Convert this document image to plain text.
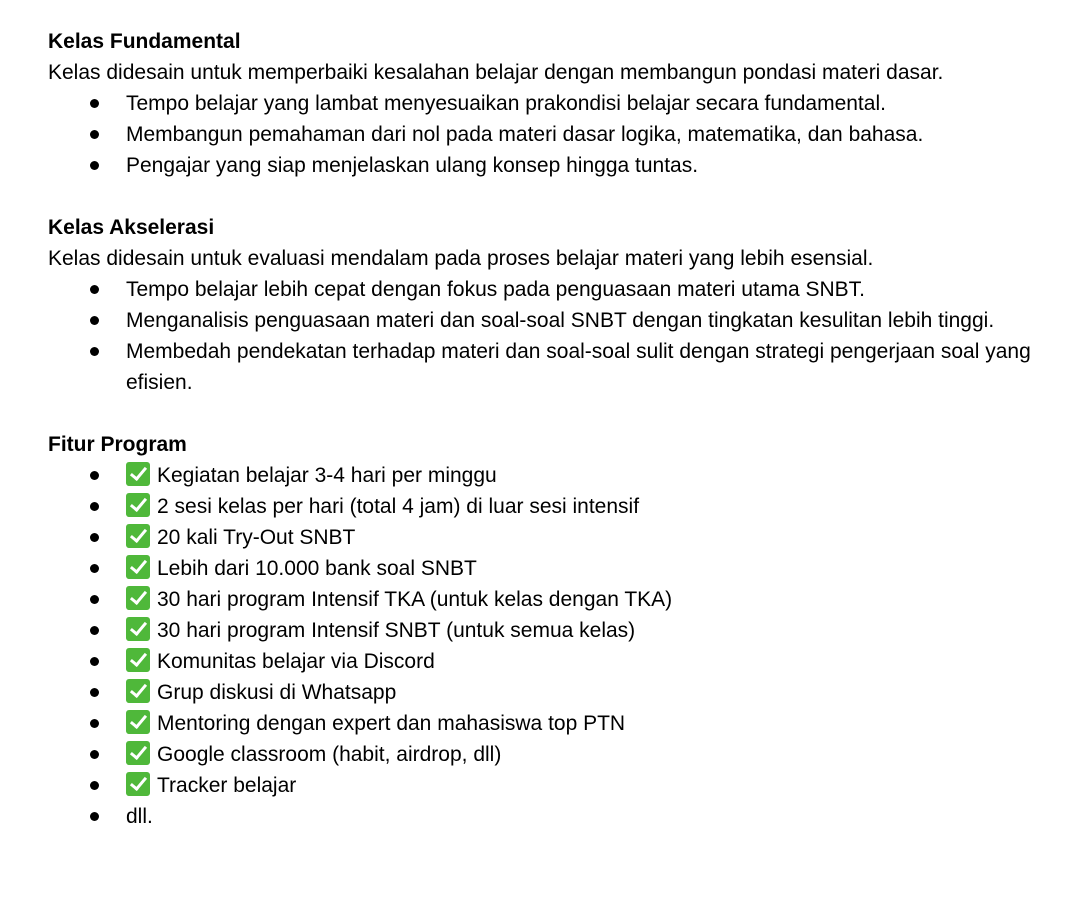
Kelas Fundamental

Kelas didesain untuk memperbaiki kesalahan belajar dengan membangun pondasi materi dasar.

Tempo belajar yang lambat menyesuaikan prakondisi belajar secara fundamental.
Membangun pemahaman dari nol pada materi dasar logika, matematika, dan bahasa.
Pengajar yang siap menjelaskan ulang konsep hingga tuntas.

Kelas Akselerasi

Kelas didesain untuk evaluasi mendalam pada proses belajar materi yang lebih esensial.

Tempo belajar lebih cepat dengan fokus pada penguasaan materi utama SNBT.
Menganalisis penguasaan materi dan soal-soal SNBT dengan tingkatan kesulitan lebih tinggi.
Membedah pendekatan terhadap materi dan soal-soal sulit dengan strategi pengerjaan soal yang efisien.

Fitur Program

Kegiatan belajar 3-4 hari per minggu
2 sesi kelas per hari (total 4 jam) di luar sesi intensif
20 kali Try-Out SNBT
Lebih dari 10.000 bank soal SNBT
30 hari program Intensif TKA (untuk kelas dengan TKA)
30 hari program Intensif SNBT (untuk semua kelas)
Komunitas belajar via Discord
Grup diskusi di Whatsapp
Mentoring dengan expert dan mahasiswa top PTN
Google classroom (habit, airdrop, dll)
Tracker belajar
dll.
